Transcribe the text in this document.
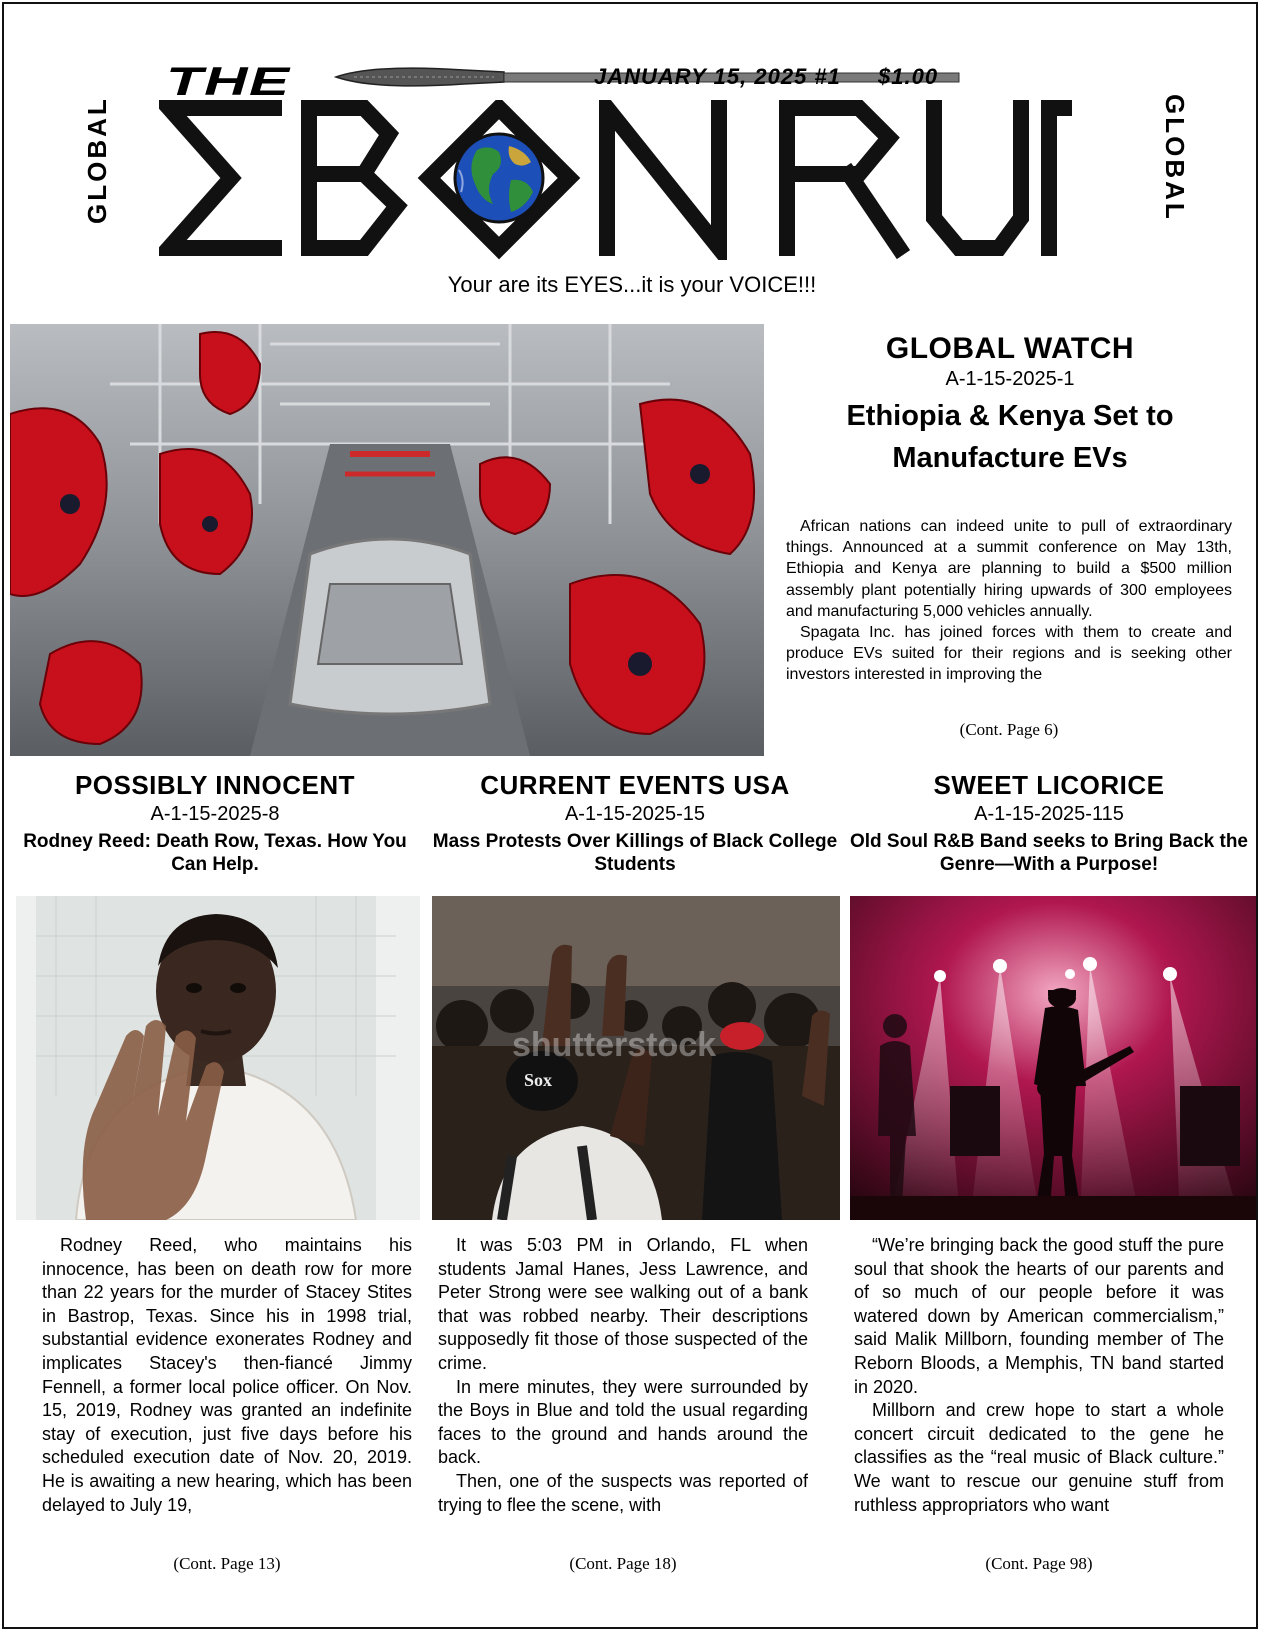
GLOBAL	GLOBAL
THE	JANUARY 15, 2025 #1 $1.00
Your are its EYES...it is your VOICE!!!
GLOBAL WATCH
A-1-15-2025-1
Ethiopia & Kenya Set to Manufacture EVs

African nations can indeed unite to pull of extraordinary things. Announced at a summit conference on May 13th, Ethiopia and Kenya are planning to build a $500 million assembly plant potentially hiring upwards of 300 employees and manufacturing 5,000 vehicles annually.

Spagata Inc. has joined forces with them to create and produce EVs suited for their regions and is seeking other investors interested in improving the

(Cont. Page 6)
POSSIBLY INNOCENT
A-1-15-2025-8
Rodney Reed: Death Row, Texas. How You Can Help.

Rodney Reed, who maintains his innocence, has been on death row for more than 22 years for the murder of Stacey Stites in Bastrop, Texas. Since his in 1998 trial, substantial evidence exonerates Rodney and implicates Stacey's then-fiancé Jimmy Fennell, a former local police officer. On Nov. 15, 2019, Rodney was granted an indefinite stay of execution, just five days before his scheduled execution date of Nov. 20, 2019. He is awaiting a new hearing, which has been delayed to July 19,

(Cont. Page 13)
CURRENT EVENTS USA
A-1-15-2025-15
Mass Protests Over Killings of Black College Students
Sox
shutterstock

It was 5:03 PM in Orlando, FL when students Jamal Hanes, Jess Lawrence, and Peter Strong were see walking out of a bank that was robbed nearby. Their descriptions supposedly fit those of those suspected of the crime.

In mere minutes, they were surrounded by the Boys in Blue and told the usual regarding faces to the ground and hands around the back.

Then, one of the suspects was reported of trying to flee the scene, with

(Cont. Page 18)
SWEET LICORICE
A-1-15-2025-115
Old Soul R&B Band seeks to Bring Back the Genre—With a Purpose!

“We’re bringing back the good stuff the pure soul that shook the hearts of our parents and of so much of our people before it was watered down by American commercialism,” said Malik Millborn, founding member of The Reborn Bloods, a Memphis, TN band started in 2020.

Millborn and crew hope to start a whole concert circuit dedicated to the gene he classifies as the “real music of Black culture.” We want to rescue our genuine stuff from ruthless appropriators who want

(Cont. Page 98)
